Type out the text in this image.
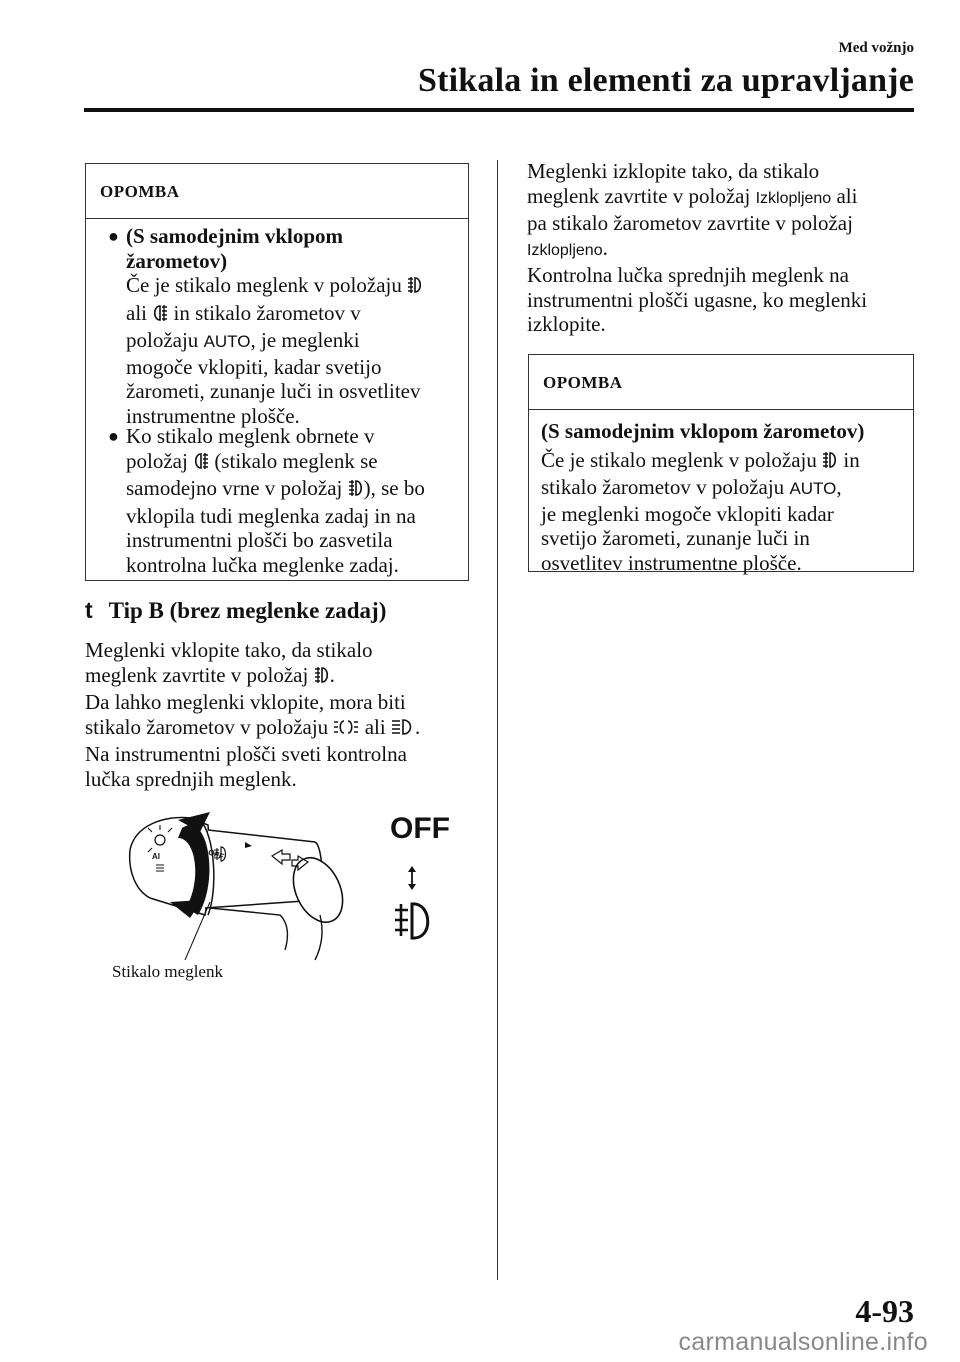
Med vožnjo
Stikala in elementi za upravljanje
OPOMBA
● (S samodejnim vklopom
žarometov)
Če je stikalo meglenk v položaju
ali in stikalo žarometov v
položaju AUTO, je meglenki
mogoče vklopiti, kadar svetijo
žarometi, zunanje luči in osvetlitev
instrumentne plošče.
● Ko stikalo meglenk obrnete v
položaj (stikalo meglenk se
samodejno vrne v položaj ), se bo
vklopila tudi meglenka zadaj in na
instrumentni plošči bo zasvetila
kontrolna lučka meglenke zadaj.
t Tip B (brez meglenke zadaj)
Meglenki vklopite tako, da stikalo
meglenk zavrtite v položaj .
Da lahko meglenki vklopite, mora biti
stikalo žarometov v položaju ali .
Na instrumentni plošči sveti kontrolna
lučka sprednjih meglenk.
OFF
AI
OFF
Stikalo meglenk
Meglenki izklopite tako, da stikalo
meglenk zavrtite v položaj Izklopljeno ali
pa stikalo žarometov zavrtite v položaj
Izklopljeno.
Kontrolna lučka sprednjih meglenk na
instrumentni plošči ugasne, ko meglenki
izklopite.
OPOMBA
(S samodejnim vklopom žarometov)
Če je stikalo meglenk v položaju in
stikalo žarometov v položaju AUTO,
je meglenki mogoče vklopiti kadar
svetijo žarometi, zunanje luči in
osvetlitev instrumentne plošče.
4-93
carmanualsonline.info
